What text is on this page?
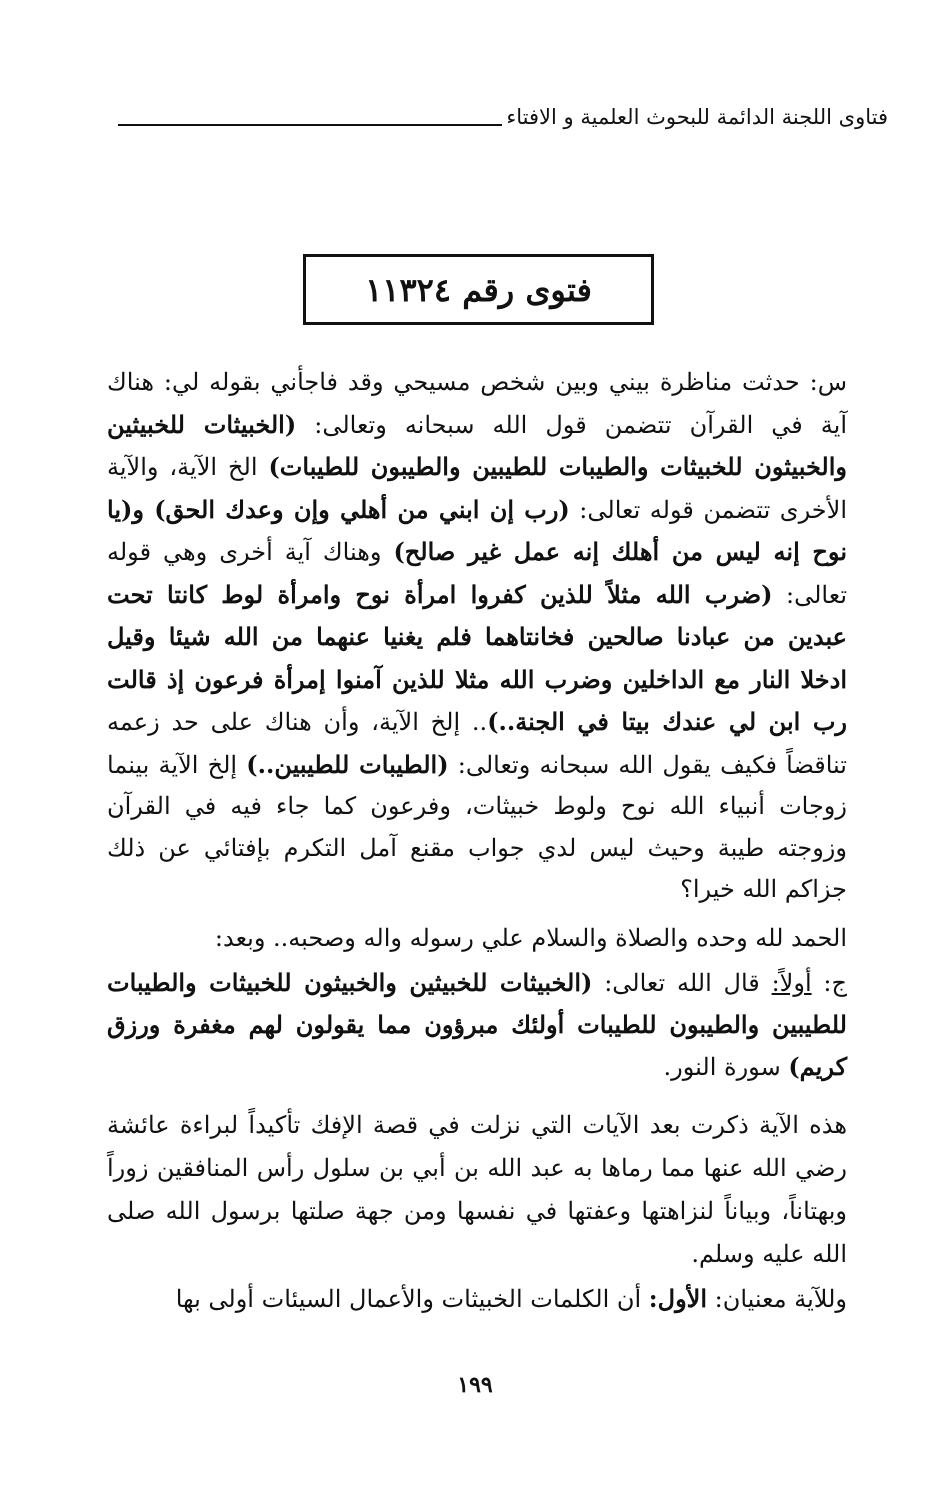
فتاوى اللجنة الدائمة للبحوث العلمية و الافتاء
فتوى رقم ١١٣٢٤

س: حدثت مناظرة بيني وبين شخص مسيحي وقد فاجأني بقوله لي: هناك آية في القرآن تتضمن قول الله سبحانه وتعالى: (الخبيثات للخبيثين والخبيثون للخبيثات والطيبات للطيبين والطيبون للطيبات) الخ الآية، والآية الأخرى تتضمن قوله تعالى: (رب إن ابني من أهلي وإن وعدك الحق) و(يا نوح إنه ليس من أهلك إنه عمل غير صالح) وهناك آية أخرى وهي قوله تعالى: (ضرب الله مثلاً للذين كفروا امرأة نوح وامرأة لوط كانتا تحت عبدين من عبادنا صالحين فخانتاهما فلم يغنيا عنهما من الله شيئا وقيل ادخلا النار مع الداخلين وضرب الله مثلا للذين آمنوا إمرأة فرعون إذ قالت رب ابن لي عندك بيتا في الجنة..).. إلخ الآية، وأن هناك على حد زعمه تناقضاً فكيف يقول الله سبحانه وتعالى: (الطيبات للطيبين..) إلخ الآية بينما زوجات أنبياء الله نوح ولوط خبيثات، وفرعون كما جاء فيه في القرآن وزوجته طيبة وحيث ليس لدي جواب مقنع آمل التكرم بإفتائي عن ذلك جزاكم الله خيرا؟

الحمد لله وحده والصلاة والسلام علي رسوله واله وصحبه.. وبعد:

ج: أولاً: قال الله تعالى: (الخبيثات للخبيثين والخبيثون للخبيثات والطيبات للطيبين والطيبون للطيبات أولئك مبرؤون مما يقولون لهم مغفرة ورزق كريم) سورة النور.

هذه الآية ذكرت بعد الآيات التي نزلت في قصة الإفك تأكيداً لبراءة عائشة رضي الله عنها مما رماها به عبد الله بن أبي بن سلول رأس المنافقين زوراً وبهتاناً، وبياناً لنزاهتها وعفتها في نفسها ومن جهة صلتها برسول الله صلى الله عليه وسلم.

وللآية معنيان: الأول: أن الكلمات الخبيثات والأعمال السيئات أولى بها

١٩٩
